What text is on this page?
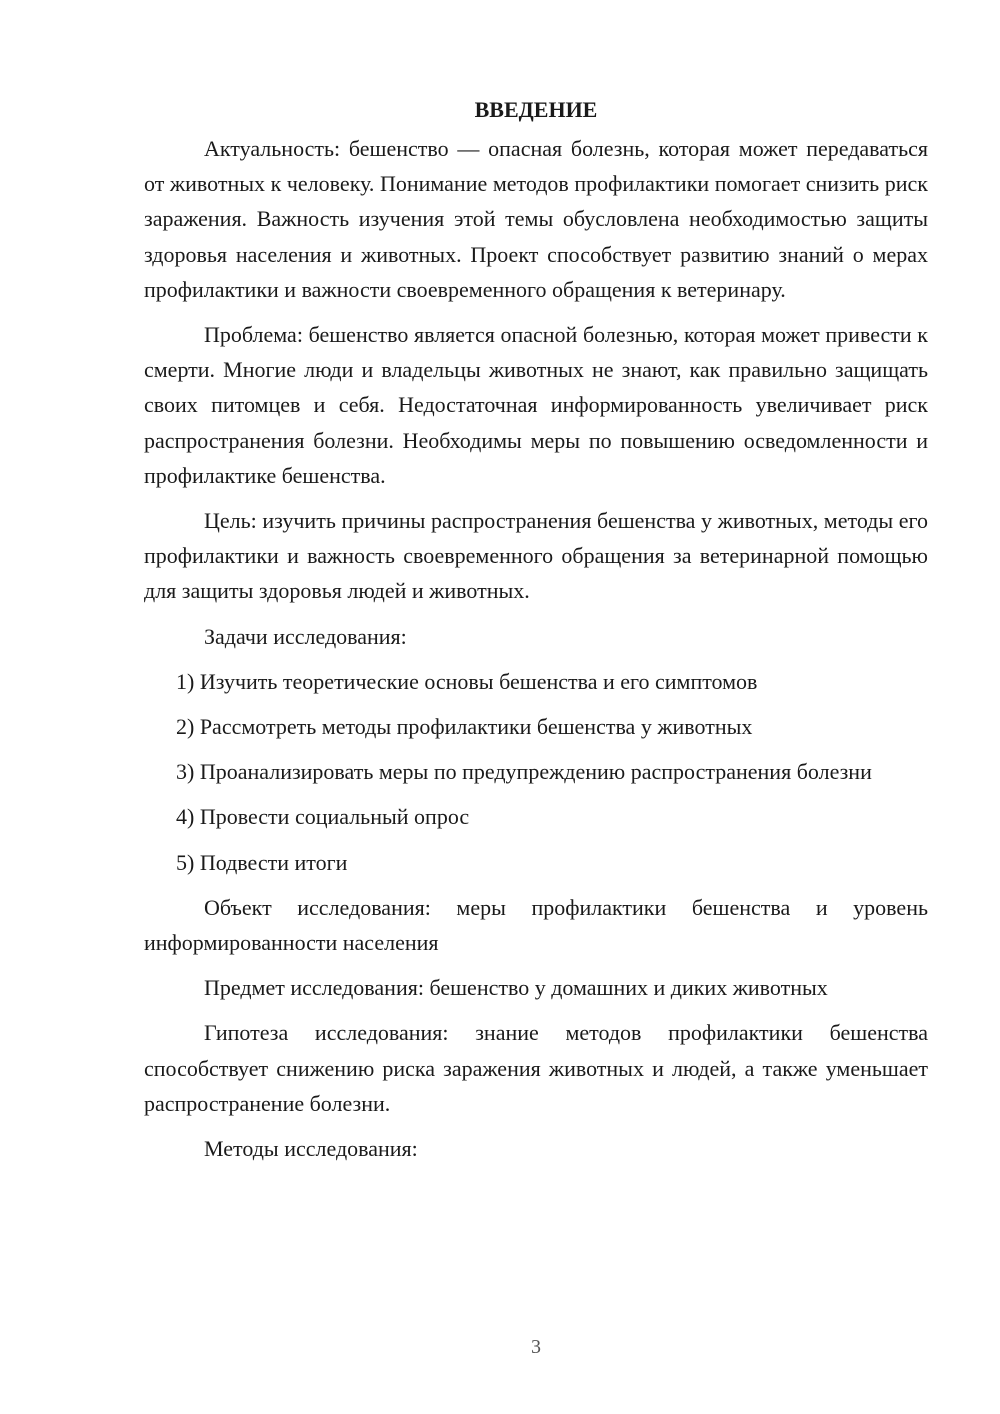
ВВЕДЕНИЕ

Актуальность: бешенство — опасная болезнь, которая может передаваться от животных к человеку. Понимание методов профилактики помогает снизить риск заражения. Важность изучения этой темы обусловлена необходимостью защиты здоровья населения и животных. Проект способствует развитию знаний о мерах профилактики и важности своевременного обращения к ветеринару.

Проблема: бешенство является опасной болезнью, которая может привести к смерти. Многие люди и владельцы животных не знают, как правильно защищать своих питомцев и себя. Недостаточная информированность увеличивает риск распространения болезни. Необходимы меры по повышению осведомленности и профилактике бешенства.

Цель: изучить причины распространения бешенства у животных, методы его профилактики и важность своевременного обращения за ветеринарной помощью для защиты здоровья людей и животных.

Задачи исследования:

1) Изучить теоретические основы бешенства и его симптомов

2) Рассмотреть методы профилактики бешенства у животных

3) Проанализировать меры по предупреждению распространения болезни

4) Провести социальный опрос

5) Подвести итоги

Объект исследования: меры профилактики бешенства и уровень информированности населения

Предмет исследования: бешенство у домашних и диких животных

Гипотеза исследования: знание методов профилактики бешенства способствует снижению риска заражения животных и людей, а также уменьшает распространение болезни.

Методы исследования:

3
